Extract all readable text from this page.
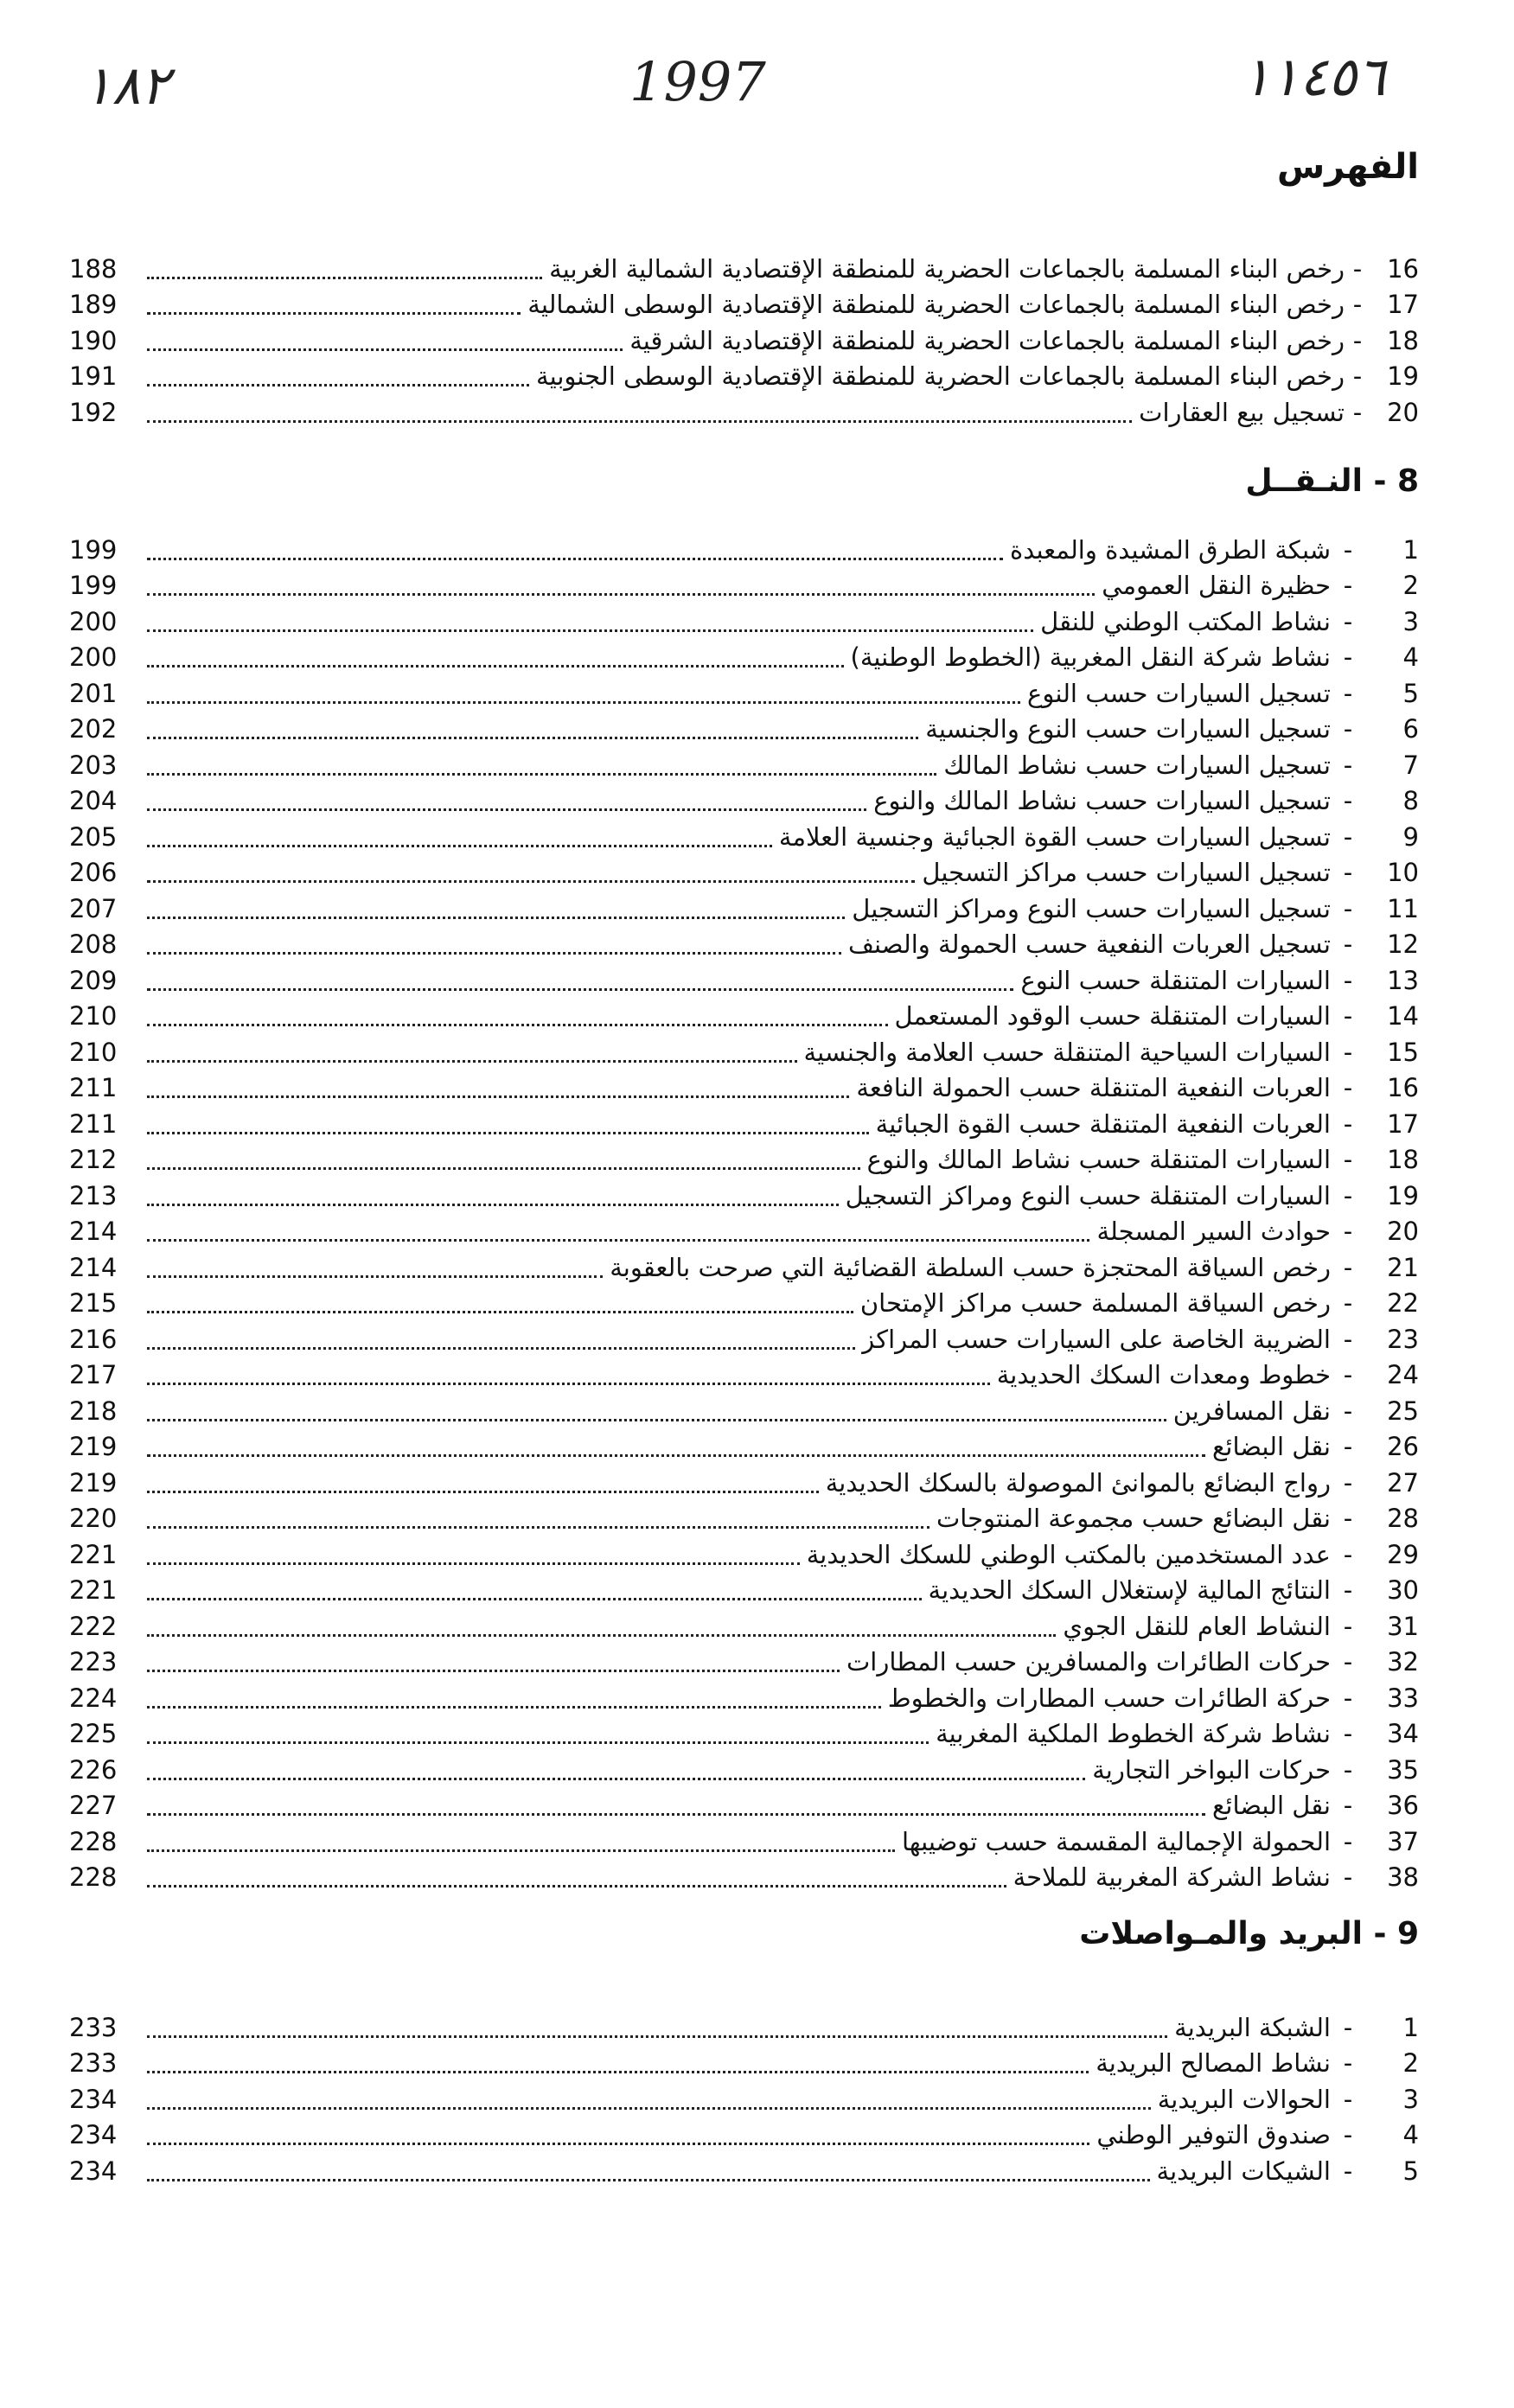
١٨٢	1997	١١٤٥٦
الفهرس
16
-
رخص البناء المسلمة بالجماعات الحضرية للمنطقة الإقتصادية الشمالية الغربية
188
17
-
رخص البناء المسلمة بالجماعات الحضرية للمنطقة الإقتصادية الوسطى الشمالية
189
18
-
رخص البناء المسلمة بالجماعات الحضرية للمنطقة الإقتصادية الشرقية
190
19
-
رخص البناء المسلمة بالجماعات الحضرية للمنطقة الإقتصادية الوسطى الجنوبية
191
20
-
تسجيل بيع العقارات
192
8 - النـقــل
1
-
شبكة الطرق المشيدة والمعبدة
199
2
-
حظيرة النقل العمومي
199
3
-
نشاط المكتب الوطني للنقل
200
4
-
نشاط شركة النقل المغربية (الخطوط الوطنية)
200
5
-
تسجيل السيارات حسب النوع
201
6
-
تسجيل السيارات حسب النوع والجنسية
202
7
-
تسجيل السيارات حسب نشاط المالك
203
8
-
تسجيل السيارات حسب نشاط المالك والنوع
204
9
-
تسجيل السيارات حسب القوة الجبائية وجنسية العلامة
205
10
-
تسجيل السيارات حسب مراكز التسجيل
206
11
-
تسجيل السيارات حسب النوع ومراكز التسجيل
207
12
-
تسجيل العربات النفعية حسب الحمولة والصنف
208
13
-
السيارات المتنقلة حسب النوع
209
14
-
السيارات المتنقلة حسب الوقود المستعمل
210
15
-
السيارات السياحية المتنقلة حسب العلامة والجنسية
210
16
-
العربات النفعية المتنقلة حسب الحمولة النافعة
211
17
-
العربات النفعية المتنقلة حسب القوة الجبائية
211
18
-
السيارات المتنقلة حسب نشاط المالك والنوع
212
19
-
السيارات المتنقلة حسب النوع ومراكز التسجيل
213
20
-
حوادث السير المسجلة
214
21
-
رخص السياقة المحتجزة حسب السلطة القضائية التي صرحت بالعقوبة
214
22
-
رخص السياقة المسلمة حسب مراكز الإمتحان
215
23
-
الضريبة الخاصة على السيارات حسب المراكز
216
24
-
خطوط ومعدات السكك الحديدية
217
25
-
نقل المسافرين
218
26
-
نقل البضائع
219
27
-
رواج البضائع بالموانئ الموصولة بالسكك الحديدية
219
28
-
نقل البضائع حسب مجموعة المنتوجات
220
29
-
عدد المستخدمين بالمكتب الوطني للسكك الحديدية
221
30
-
النتائج المالية لإستغلال السكك الحديدية
221
31
-
النشاط العام للنقل الجوي
222
32
-
حركات الطائرات والمسافرين حسب المطارات
223
33
-
حركة الطائرات حسب المطارات والخطوط
224
34
-
نشاط شركة الخطوط الملكية المغربية
225
35
-
حركات البواخر التجارية
226
36
-
نقل البضائع
227
37
-
الحمولة الإجمالية المقسمة حسب توضيبها
228
38
-
نشاط الشركة المغربية للملاحة
228
9 - البريد والمـواصلات
1
-
الشبكة البريدية
233
2
-
نشاط المصالح البريدية
233
3
-
الحوالات البريدية
234
4
-
صندوق التوفير الوطني
234
5
-
الشيكات البريدية
234
